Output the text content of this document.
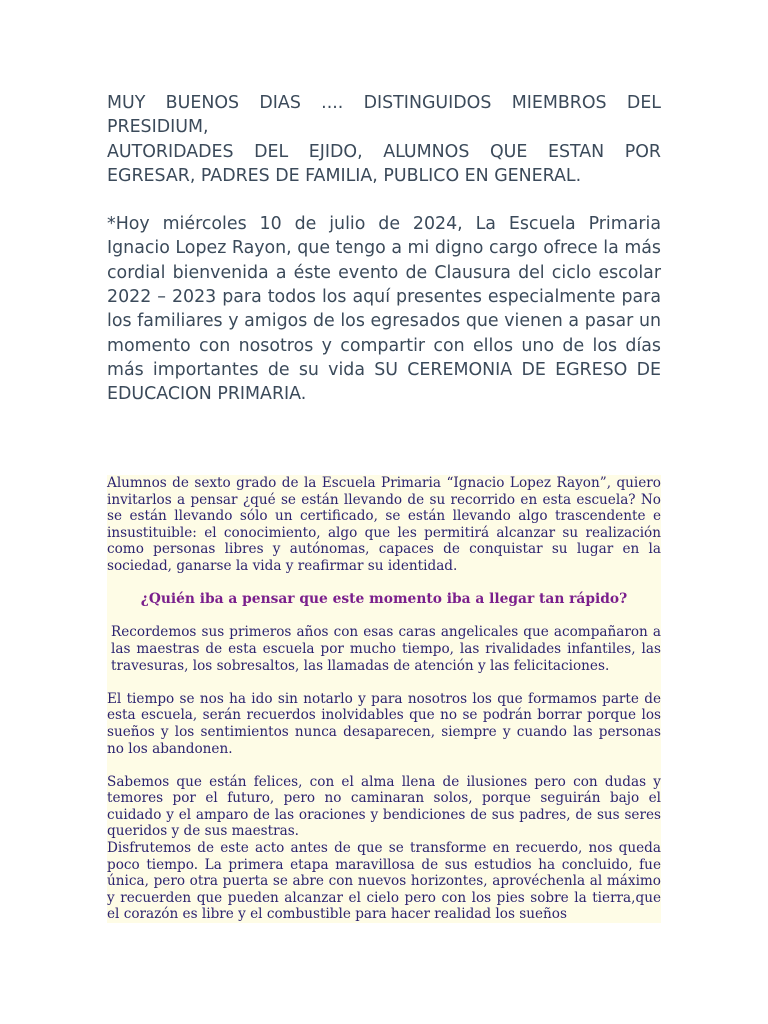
MUY BUENOS DIAS .... DISTINGUIDOS MIEMBROS DEL PRESIDIUM,

AUTORIDADES DEL EJIDO, ALUMNOS QUE ESTAN POR EGRESAR, PADRES DE FAMILIA, PUBLICO EN GENERAL.

*Hoy miércoles 10 de julio de 2024, La Escuela Primaria Ignacio Lopez Rayon, que tengo a mi digno cargo ofrece la más cordial bienvenida a éste evento de Clausura del ciclo escolar 2022 – 2023 para todos los aquí presentes especialmente para los familiares y amigos de los egresados que vienen a pasar un momento con nosotros y compartir con ellos uno de los días más importantes de su vida SU CEREMONIA DE EGRESO DE EDUCACION PRIMARIA.

Alumnos de sexto grado de la Escuela Primaria “Ignacio Lopez Rayon”, quiero invitarlos a pensar ¿qué se están llevando de su recorrido en esta escuela? No se están llevando sólo un certificado, se están llevando algo trascendente e insustituible: el conocimiento, algo que les permitirá alcanzar su realización como personas libres y autónomas, capaces de conquistar su lugar en la sociedad, ganarse la vida y reafirmar su identidad.

¿Quién iba a pensar que este momento iba a llegar tan rápido?

Recordemos sus primeros años con esas caras angelicales que acompañaron a las maestras de esta escuela por mucho tiempo, las rivalidades infantiles, las travesuras, los sobresaltos, las llamadas de atención y las felicitaciones.

El tiempo se nos ha ido sin notarlo y para nosotros los que formamos parte de esta escuela, serán recuerdos inolvidables que no se podrán borrar porque los sueños y los sentimientos nunca desaparecen, siempre y cuando las personas no los abandonen.

Sabemos que están felices, con el alma llena de ilusiones pero con dudas y temores por el futuro, pero no caminaran solos, porque seguirán bajo el cuidado y el amparo de las oraciones y bendiciones de sus padres, de sus seres queridos y de sus maestras.

Disfrutemos de este acto antes de que se transforme en recuerdo, nos queda poco tiempo. La primera etapa maravillosa de sus estudios ha concluido, fue única, pero otra puerta se abre con nuevos horizontes, aprovéchenla al máximo y recuerden que pueden alcanzar el cielo pero con los pies sobre la tierra,que el corazón es libre y el combustible para hacer realidad los sueños
